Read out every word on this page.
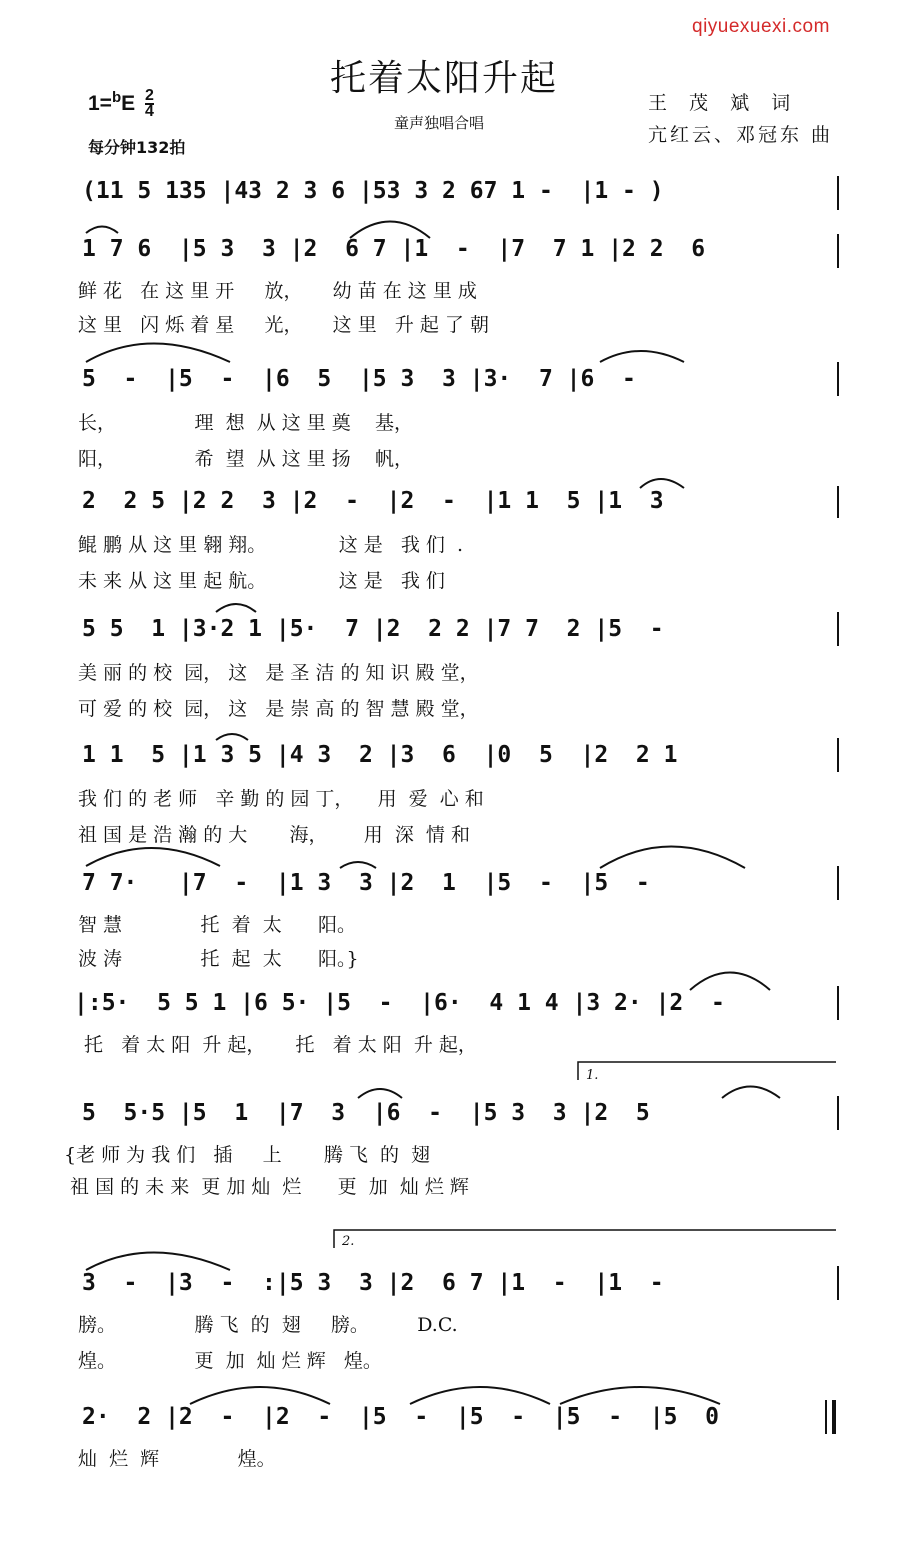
qiyuexuexi.com
托着太阳升起
童声独唱合唱
王 茂 斌 词
亢红云、邓冠东 曲
$1=^bE \frac{2}{4}$
每分钟132拍
(11 5 135 |43 2 3 6 |53 3 2 67 1 -  |1 - )
1 7 6  |5 3  3 |2  6 7 |1  -  |7  7 1 |2 2  6
鲜 花   在 这 里 开     放，     幼 苗 在 这 里 成
这 里   闪 烁 着 星     光，     这 里   升 起 了 朝
5  -  |5  -  |6  5  |5 3  3 |3·  7 |6  -
长，             理  想  从 这 里 奠    基，
阳，             希  望  从 这 里 扬    帆，
2  2 5 |2 2  3 |2  -  |2  -  |1 1  5 |1  3
鲲 鹏 从 这 里 翱 翔。            这 是   我 们  .
未 来 从 这 里 起 航。            这 是   我 们
5 5  1 |3·2 1 |5·  7 |2  2 2 |7 7  2 |5  -
美 丽 的 校  园， 这   是 圣 洁 的 知 识 殿 堂，
可 爱 的 校  园， 这   是 崇 高 的 智 慧 殿 堂，
1 1  5 |1 3 5 |4 3  2 |3  6  |0  5  |2  2 1
我 们 的 老 师   辛 勤 的 园 丁，    用  爱  心 和
祖 国 是 浩 瀚 的 大       海，      用  深  情 和
7 7·   |7  -  |1 3  3 |2  1  |5  -  |5  -
智 慧             托  着  太      阳。
波 涛             托  起  太      阳。}
|:5·  5 5 1 |6 5· |5  -  |6·  4 1 4 |3 2· |2  -
托   着 太 阳  升 起，     托   着 太 阳  升 起，
1.
5  5·5 |5  1  |7  3  |6  -  |5 3  3 |2  5
{老 师 为 我 们   插     上       腾 飞  的  翅
祖 国 的 未 来  更 加 灿  烂      更  加  灿 烂 辉
2.
3  -  |3  -  :|5 3  3 |2  6 7 |1  -  |1  -
膀。             腾 飞  的  翅     膀。        D.C.
煌。             更  加  灿 烂 辉   煌。
2·  2 |2  -  |2  -  |5  -  |5  -  |5  -  |5  0
灿  烂  辉             煌。
